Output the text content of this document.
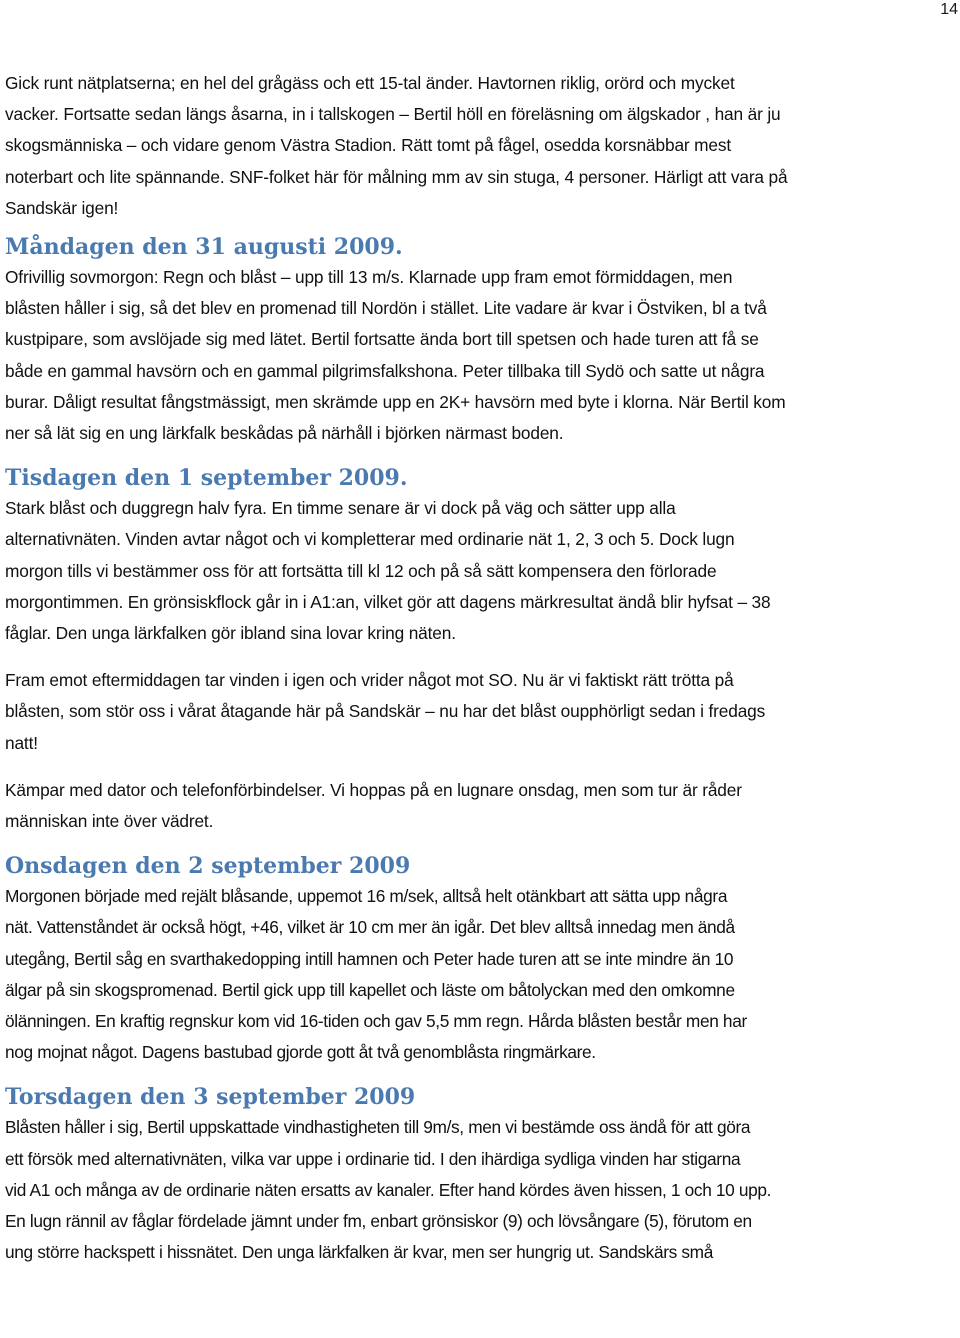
14
Gick runt nätplatserna; en hel del grågäss och ett 15-tal änder. Havtornen riklig, orörd och mycket
vacker. Fortsatte sedan längs åsarna, in i tallskogen – Bertil höll en föreläsning om älgskador , han är ju
skogsmänniska – och vidare genom Västra Stadion. Rätt tomt på fågel, osedda korsnäbbar mest
noterbart och lite spännande. SNF-folket här för målning mm av sin stuga, 4 personer. Härligt att vara på
Sandskär igen!
Måndagen den 31 augusti 2009.
Ofrivillig sovmorgon: Regn och blåst – upp till 13 m/s. Klarnade upp fram emot förmiddagen, men
blåsten håller i sig, så det blev en promenad till Nordön i stället. Lite vadare är kvar i Östviken, bl a två
kustpipare, som avslöjade sig med lätet. Bertil fortsatte ända bort till spetsen och hade turen att få se
både en gammal havsörn och en gammal pilgrimsfalkshona. Peter tillbaka till Sydö och satte ut några
burar. Dåligt resultat fångstmässigt, men skrämde upp en 2K+ havsörn med byte i klorna. När Bertil kom
ner så lät sig en ung lärkfalk beskådas på närhåll i björken närmast boden.
Tisdagen den 1 september 2009.
Stark blåst och duggregn halv fyra. En timme senare är vi dock på väg och sätter upp alla
alternativnäten. Vinden avtar något och vi kompletterar med ordinarie nät 1, 2, 3 och 5. Dock lugn
morgon tills vi bestämmer oss för att fortsätta till kl 12 och på så sätt kompensera den förlorade
morgontimmen. En grönsiskflock går in i A1:an, vilket gör att dagens märkresultat ändå blir hyfsat – 38
fåglar. Den unga lärkfalken gör ibland sina lovar kring näten.
Fram emot eftermiddagen tar vinden i igen och vrider något mot SO. Nu är vi faktiskt rätt trötta på
blåsten, som stör oss i vårat åtagande här på Sandskär – nu har det blåst oupphörligt sedan i fredags
natt!
Kämpar med dator och telefonförbindelser. Vi hoppas på en lugnare onsdag, men som tur är råder
människan inte över vädret.
Onsdagen den 2 september 2009
Morgonen började med rejält blåsande, uppemot 16 m/sek, alltså helt otänkbart att sätta upp några
nät. Vattenståndet är också högt, +46, vilket är 10 cm mer än igår. Det blev alltså innedag men ändå
utegång, Bertil såg en svarthakedopping intill hamnen och Peter hade turen att se inte mindre än 10
älgar på sin skogspromenad. Bertil gick upp till kapellet och läste om båtolyckan med den omkomne
ölänningen. En kraftig regnskur kom vid 16-tiden och gav 5,5 mm regn. Hårda blåsten består men har
nog mojnat något. Dagens bastubad gjorde gott åt två genomblåsta ringmärkare.
Torsdagen den 3 september 2009
Blåsten håller i sig, Bertil uppskattade vindhastigheten till 9m/s, men vi bestämde oss ändå för att göra
ett försök med alternativnäten, vilka var uppe i ordinarie tid. I den ihärdiga sydliga vinden har stigarna
vid A1 och många av de ordinarie näten ersatts av kanaler. Efter hand kördes även hissen, 1 och 10 upp.
En lugn rännil av fåglar fördelade jämnt under fm, enbart grönsiskor (9) och lövsångare (5), förutom en
ung större hackspett i hissnätet. Den unga lärkfalken är kvar, men ser hungrig ut. Sandskärs små
